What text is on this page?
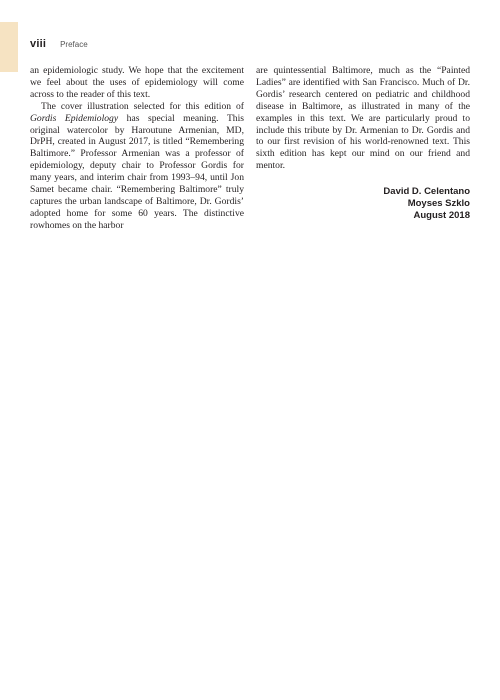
viii Preface

an epidemiologic study. We hope that the excitement we feel about the uses of epidemiology will come across to the reader of this text.

The cover illustration selected for this edition of Gordis Epidemiology has special meaning. This original watercolor by Haroutune Armenian, MD, DrPH, created in August 2017, is titled “Remembering Baltimore.” Professor Armenian was a professor of epidemiology, deputy chair to Professor Gordis for many years, and interim chair from 1993–94, until Jon Samet became chair. “Remembering Baltimore” truly captures the urban landscape of Baltimore, Dr. Gordis’ adopted home for some 60 years. The distinctive rowhomes on the harbor

are quintessential Baltimore, much as the “Painted Ladies” are identified with San Francisco. Much of Dr. Gordis’ research centered on pediatric and childhood disease in Baltimore, as illustrated in many of the examples in this text. We are particularly proud to include this tribute by Dr. Armenian to Dr. Gordis and to our first revision of his world-renowned text. This sixth edition has kept our mind on our friend and mentor.

David D. Celentano
Moyses Szklo
August 2018
